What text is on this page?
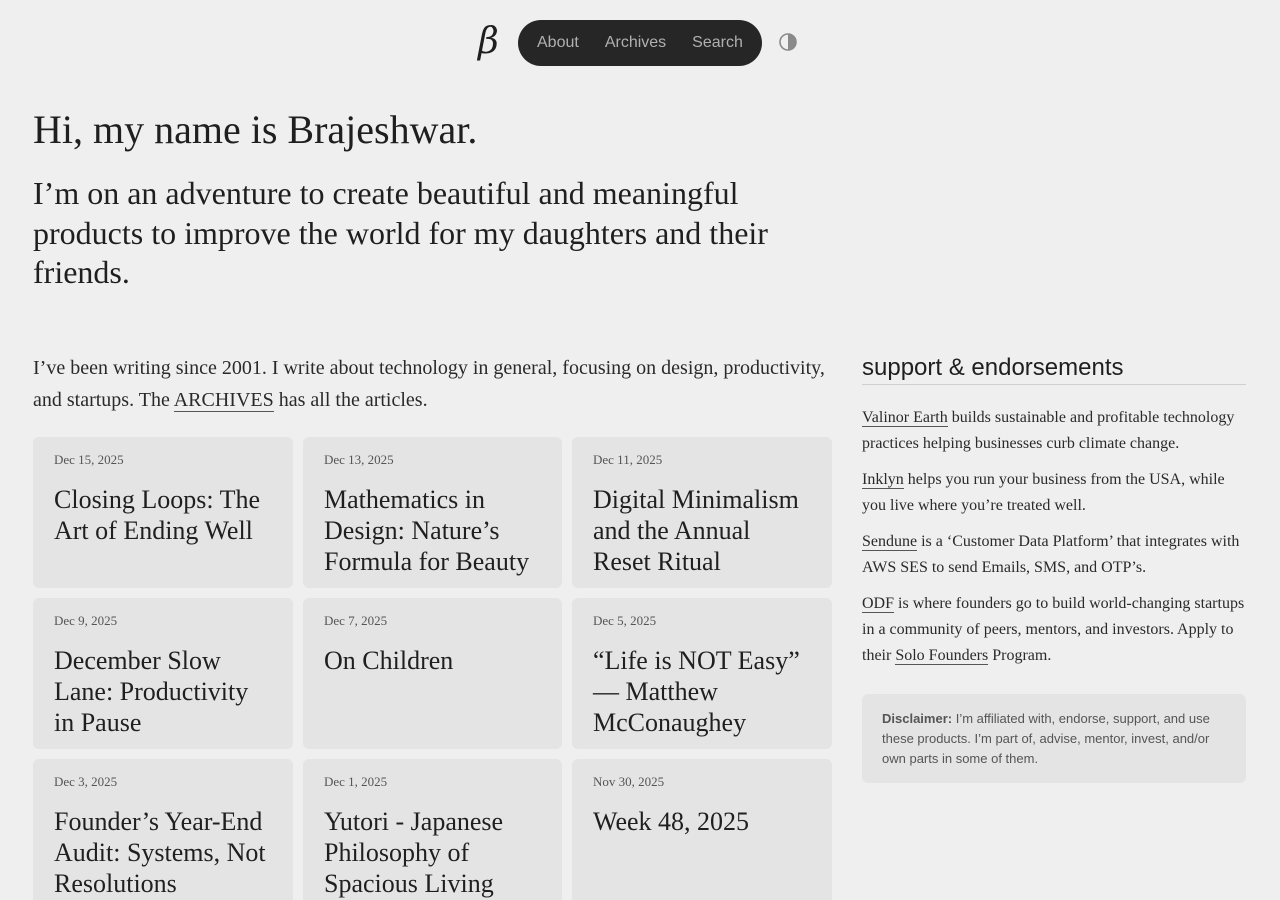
β About Archives Search
Hi, my name is Brajeshwar.
I’m on an adventure to create beautiful and meaningful products to improve the world for my daughters and their friends.

I’ve been writing since 2001. I write about technology in general, focusing on design, productivity, and startups. The ARCHIVES has all the articles.

Dec 15, 2025
Closing Loops: The Art of Ending Well
Dec 13, 2025
Mathematics in Design: Nature’s Formula for Beauty
Dec 11, 2025
Digital Minimalism and the Annual Reset Ritual
Dec 9, 2025
December Slow Lane: Productivity in Pause
Dec 7, 2025
On Children
Dec 5, 2025
“Life is NOT Easy” — Matthew McConaughey
Dec 3, 2025
Founder’s Year-End Audit: Systems, Not Resolutions
Dec 1, 2025
Yutori - Japanese Philosophy of Spacious Living
Nov 30, 2025
Week 48, 2025
support & endorsements

Valinor Earth builds sustainable and profitable technology practices helping businesses curb climate change.

Inklyn helps you run your business from the USA, while you live where you’re treated well.

Sendune is a ‘Customer Data Platform’ that integrates with AWS SES to send Emails, SMS, and OTP’s.

ODF is where founders go to build world-changing startups in a community of peers, mentors, and investors. Apply to their Solo Founders Program.

Disclaimer: I’m affiliated with, endorse, support, and use these products. I’m part of, advise, mentor, invest, and/or own parts in some of them.
